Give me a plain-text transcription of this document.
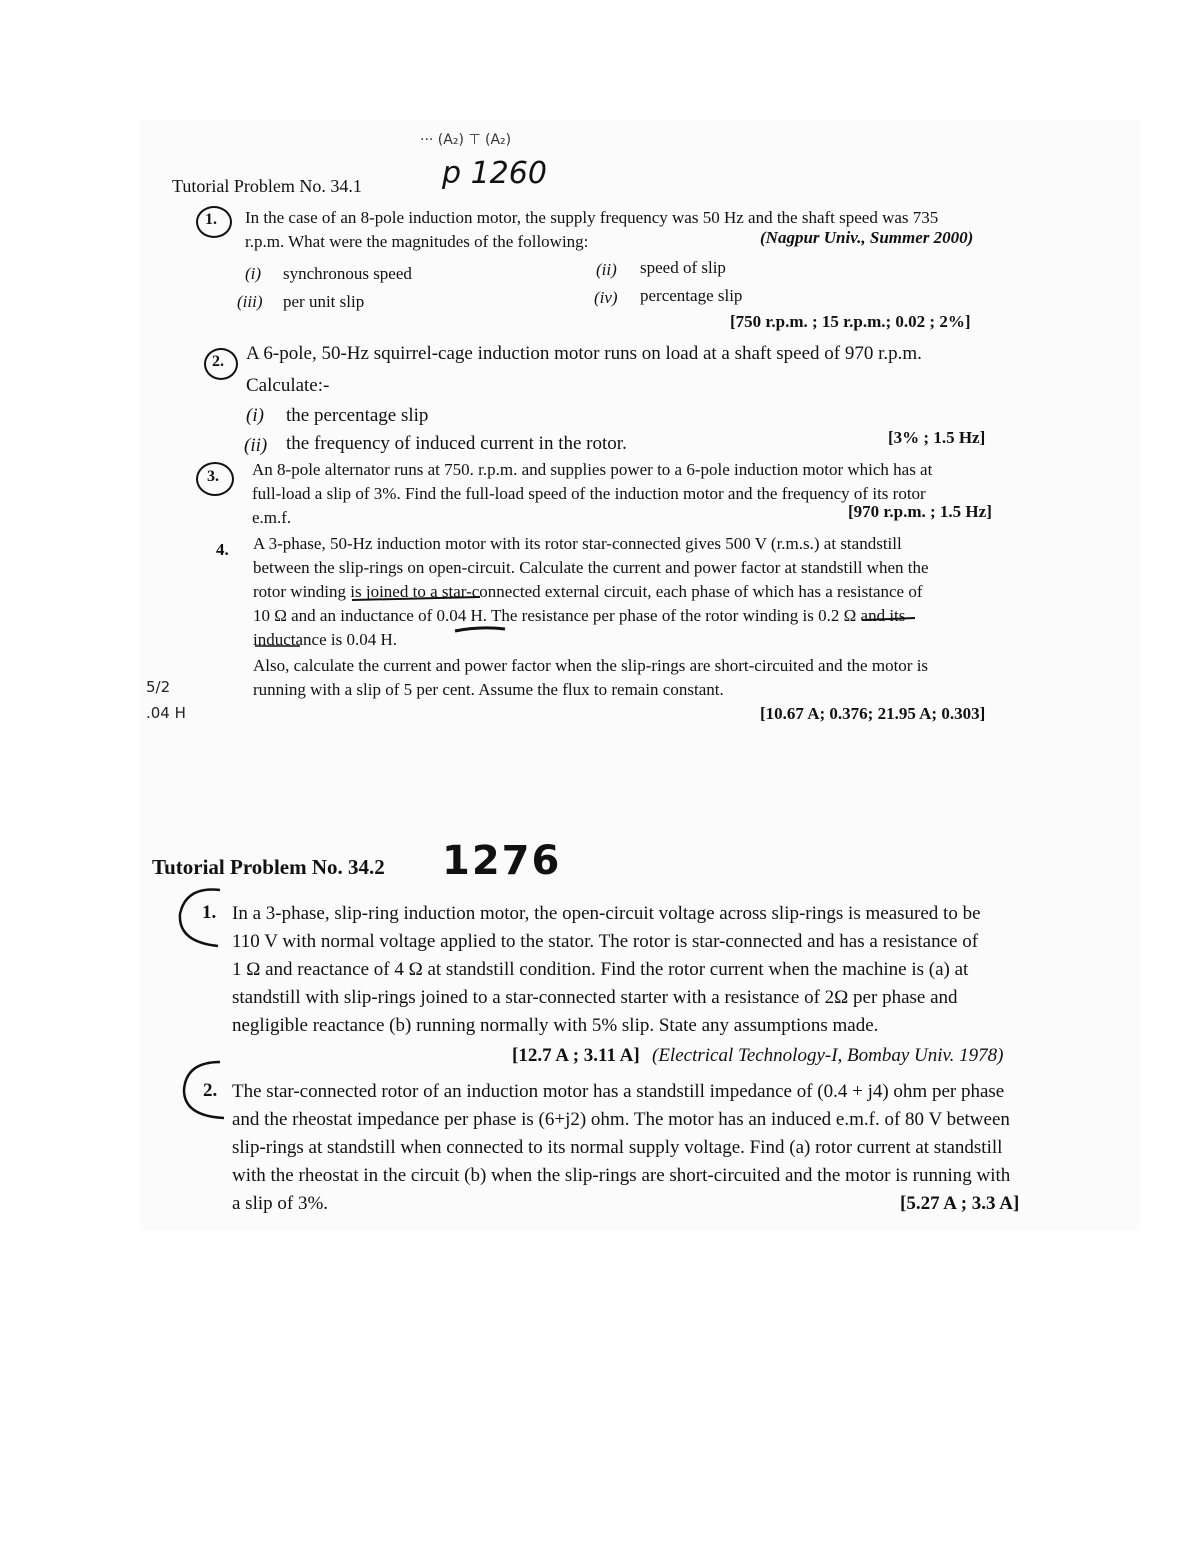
··· (A₂) ⊤ (A₂)
Tutorial Problem No. 34.1	p 1260
1. In the case of an 8-pole induction motor, the supply frequency was 50 Hz and the shaft speed was 735
r.p.m. What were the magnitudes of the following:	(Nagpur Univ., Summer 2000)
(i) synchronous speed	(ii) speed of slip
(iii) per unit slip	(iv) percentage slip
[750 r.p.m. ; 15 r.p.m.; 0.02 ; 2%]
2. A 6-pole, 50-Hz squirrel-cage induction motor runs on load at a shaft speed of 970 r.p.m.
Calculate:-
(i) the percentage slip
(ii) the frequency of induced current in the rotor.	[3% ; 1.5 Hz]
3. An 8-pole alternator runs at 750. r.p.m. and supplies power to a 6-pole induction motor which has at
full-load a slip of 3%. Find the full-load speed of the induction motor and the frequency of its rotor
e.m.f.	[970 r.p.m. ; 1.5 Hz]
4. A 3-phase, 50-Hz induction motor with its rotor star-connected gives 500 V (r.m.s.) at standstill
between the slip-rings on open-circuit. Calculate the current and power factor at standstill when the
rotor winding is joined to a star-connected external circuit, each phase of which has a resistance of
10 Ω and an inductance of 0.04 H. The resistance per phase of the rotor winding is 0.2 Ω and its
inductance is 0.04 H.
Also, calculate the current and power factor when the slip-rings are short-circuited and the motor is
running with a slip of 5 per cent. Assume the flux to remain constant.
[10.67 A; 0.376; 21.95 A; 0.303]
5/2
.04 H
Tutorial Problem No. 34.2 1276
1. In a 3-phase, slip-ring induction motor, the open-circuit voltage across slip-rings is measured to be
110 V with normal voltage applied to the stator. The rotor is star-connected and has a resistance of
1 Ω and reactance of 4 Ω at standstill condition. Find the rotor current when the machine is (a) at
standstill with slip-rings joined to a star-connected starter with a resistance of 2Ω per phase and
negligible reactance (b) running normally with 5% slip. State any assumptions made.
[12.7 A ; 3.11 A] (Electrical Technology-I, Bombay Univ. 1978)
2. The star-connected rotor of an induction motor has a standstill impedance of (0.4 + j4) ohm per phase
and the rheostat impedance per phase is (6+j2) ohm. The motor has an induced e.m.f. of 80 V between
slip-rings at standstill when connected to its normal supply voltage. Find (a) rotor current at standstill
with the rheostat in the circuit (b) when the slip-rings are short-circuited and the motor is running with
a slip of 3%.	[5.27 A ; 3.3 A]
